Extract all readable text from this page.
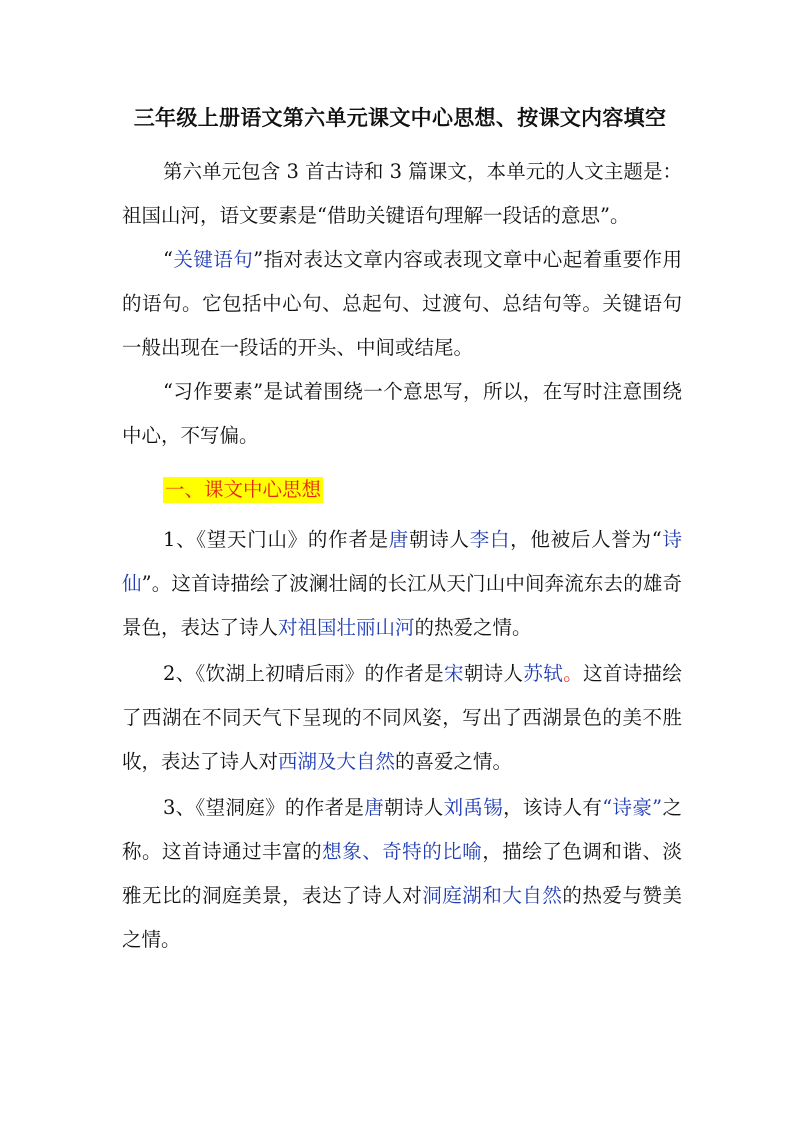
三年级上册语文第六单元课文中心思想、按课文内容填空

第六单元包含 3 首古诗和 3 篇课文，本单元的人文主题是：祖国山河，语文要素是“借助关键语句理解一段话的意思”。

“关键语句”指对表达文章内容或表现文章中心起着重要作用的语句。它包括中心句、总起句、过渡句、总结句等。关键语句一般出现在一段话的开头、中间或结尾。

“习作要素”是试着围绕一个意思写，所以，在写时注意围绕中心，不写偏。

一、课文中心思想

1、《望天门山》的作者是唐朝诗人李白，他被后人誉为“诗仙”。这首诗描绘了波澜壮阔的长江从天门山中间奔流东去的雄奇景色，表达了诗人对祖国壮丽山河的热爱之情。

2、《饮湖上初晴后雨》的作者是宋朝诗人苏轼。这首诗描绘了西湖在不同天气下呈现的不同风姿，写出了西湖景色的美不胜收，表达了诗人对西湖及大自然的喜爱之情。

3、《望洞庭》的作者是唐朝诗人刘禹锡，该诗人有“诗豪”之称。这首诗通过丰富的想象、奇特的比喻，描绘了色调和谐、淡雅无比的洞庭美景，表达了诗人对洞庭湖和大自然的热爱与赞美之情。
